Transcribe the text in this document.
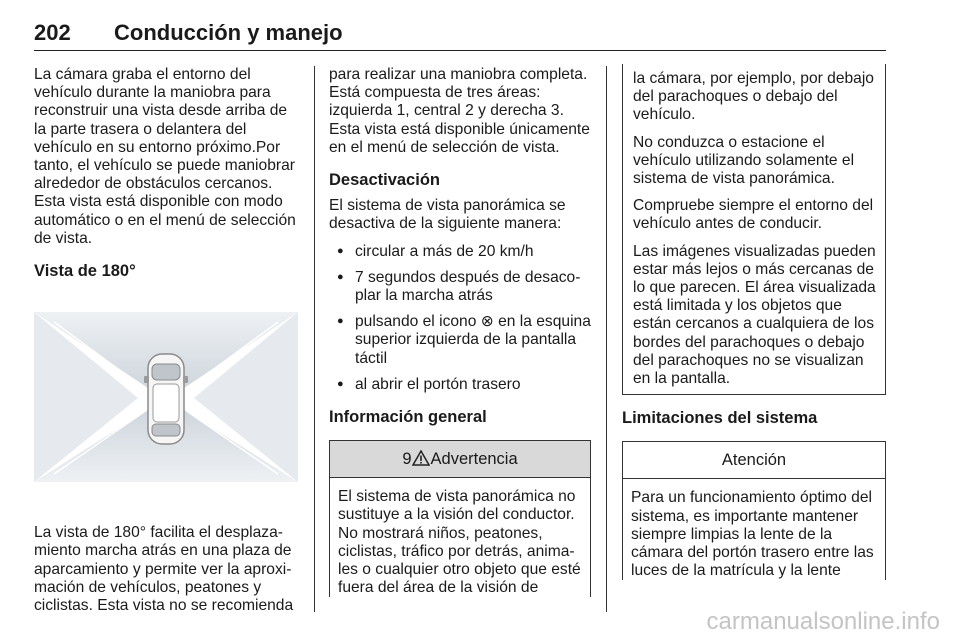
202 Conducción y manejo

La cámara graba el entorno del vehículo durante la maniobra para reconstruir una vista desde arriba de la parte trasera o delantera del vehículo en su entorno próximo.Por tanto, el vehículo se puede maniobrar alrededor de obstáculos cercanos. Esta vista está disponible con modo automático o en el menú de selección de vista.

Vista de 180°

La vista de 180° facilita el desplazamiento marcha atrás en una plaza de aparcamiento y permite ver la aproximación de vehículos, peatones y ciclistas. Esta vista no se recomienda

para realizar una maniobra completa. Está compuesta de tres áreas: izquierda 1, central 2 y derecha 3. Esta vista está disponible únicamente en el menú de selección de vista.

Desactivación

El sistema de vista panorámica se desactiva de la siguiente manera:

● circular a más de 20 km/h
● 7 segundos después de desacoplar la marcha atrás
● pulsando el icono ⊗ en la esquina superior izquierda de la pantalla táctil
● al abrir el portón trasero
Información general
9 Advertencia
El sistema de vista panorámica no sustituye a la visión del conductor. No mostrará niños, peatones, ciclistas, tráfico por detrás, animales o cualquier otro objeto que esté fuera del área de la visión de

la cámara, por ejemplo, por debajo del parachoques o debajo del vehículo.

No conduzca o estacione el vehículo utilizando solamente el sistema de vista panorámica.

Compruebe siempre el entorno del vehículo antes de conducir.

Las imágenes visualizadas pueden estar más lejos o más cercanas de lo que parecen. El área visualizada está limitada y los objetos que están cercanos a cualquiera de los bordes del parachoques o debajo del parachoques no se visualizan en la pantalla.

Limitaciones del sistema
Atención
Para un funcionamiento óptimo del sistema, es importante mantener siempre limpias la lente de la cámara del portón trasero entre las luces de la matrícula y la lente
carmanualsonline.info
